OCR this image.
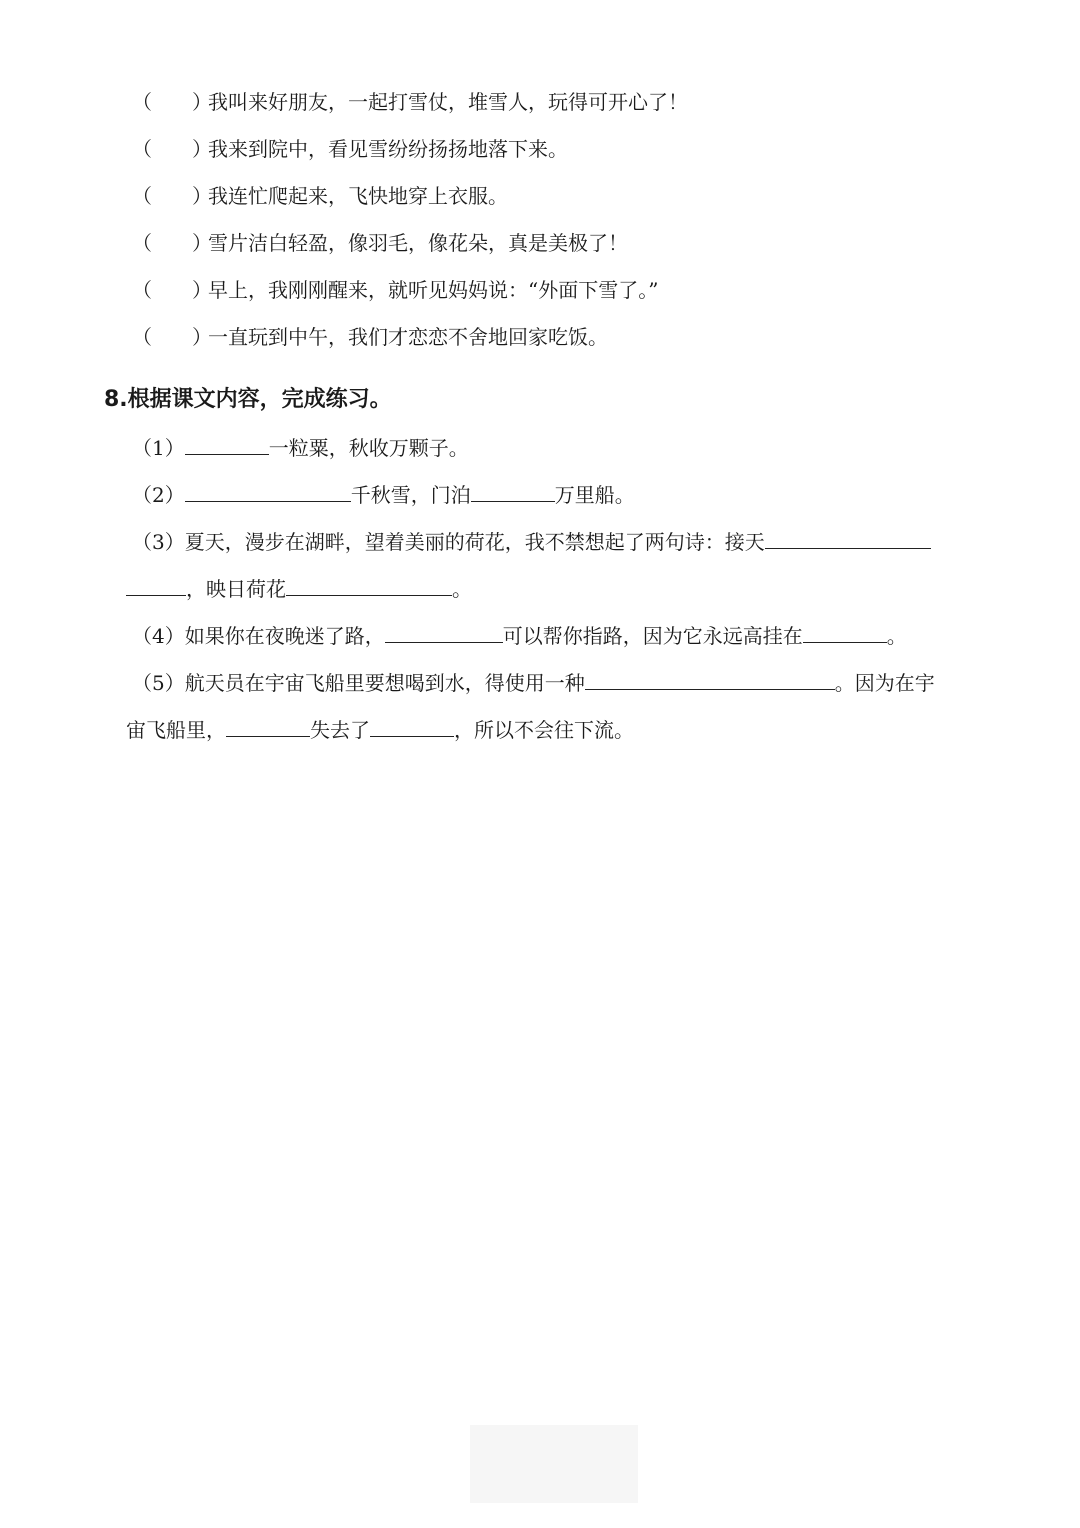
（ ）
我叫来好朋友，一起打雪仗，堆雪人，玩得可开心了！
（ ）
我来到院中，看见雪纷纷扬扬地落下来。
（ ）
我连忙爬起来，飞快地穿上衣服。
（ ）
雪片洁白轻盈，像羽毛，像花朵，真是美极了！
（ ）
早上，我刚刚醒来，就听见妈妈说：“外面下雪了。”
（ ）
一直玩到中午，我们才恋恋不舍地回家吃饭。
8.根据课文内容，完成练习。
（1）	一粒粟，秋收万颗子。
（2）	千秋雪，门泊	万里船。
（3）夏天，漫步在湖畔，望着美丽的荷花，我不禁想起了两句诗：接天
，映日荷花	。
（4）如果你在夜晚迷了路，	可以帮你指路，因为它永远高挂在	。
（5）航天员在宇宙飞船里要想喝到水，得使用一种	。因为在宇
宙飞船里，	失去了	，所以不会往下流。
